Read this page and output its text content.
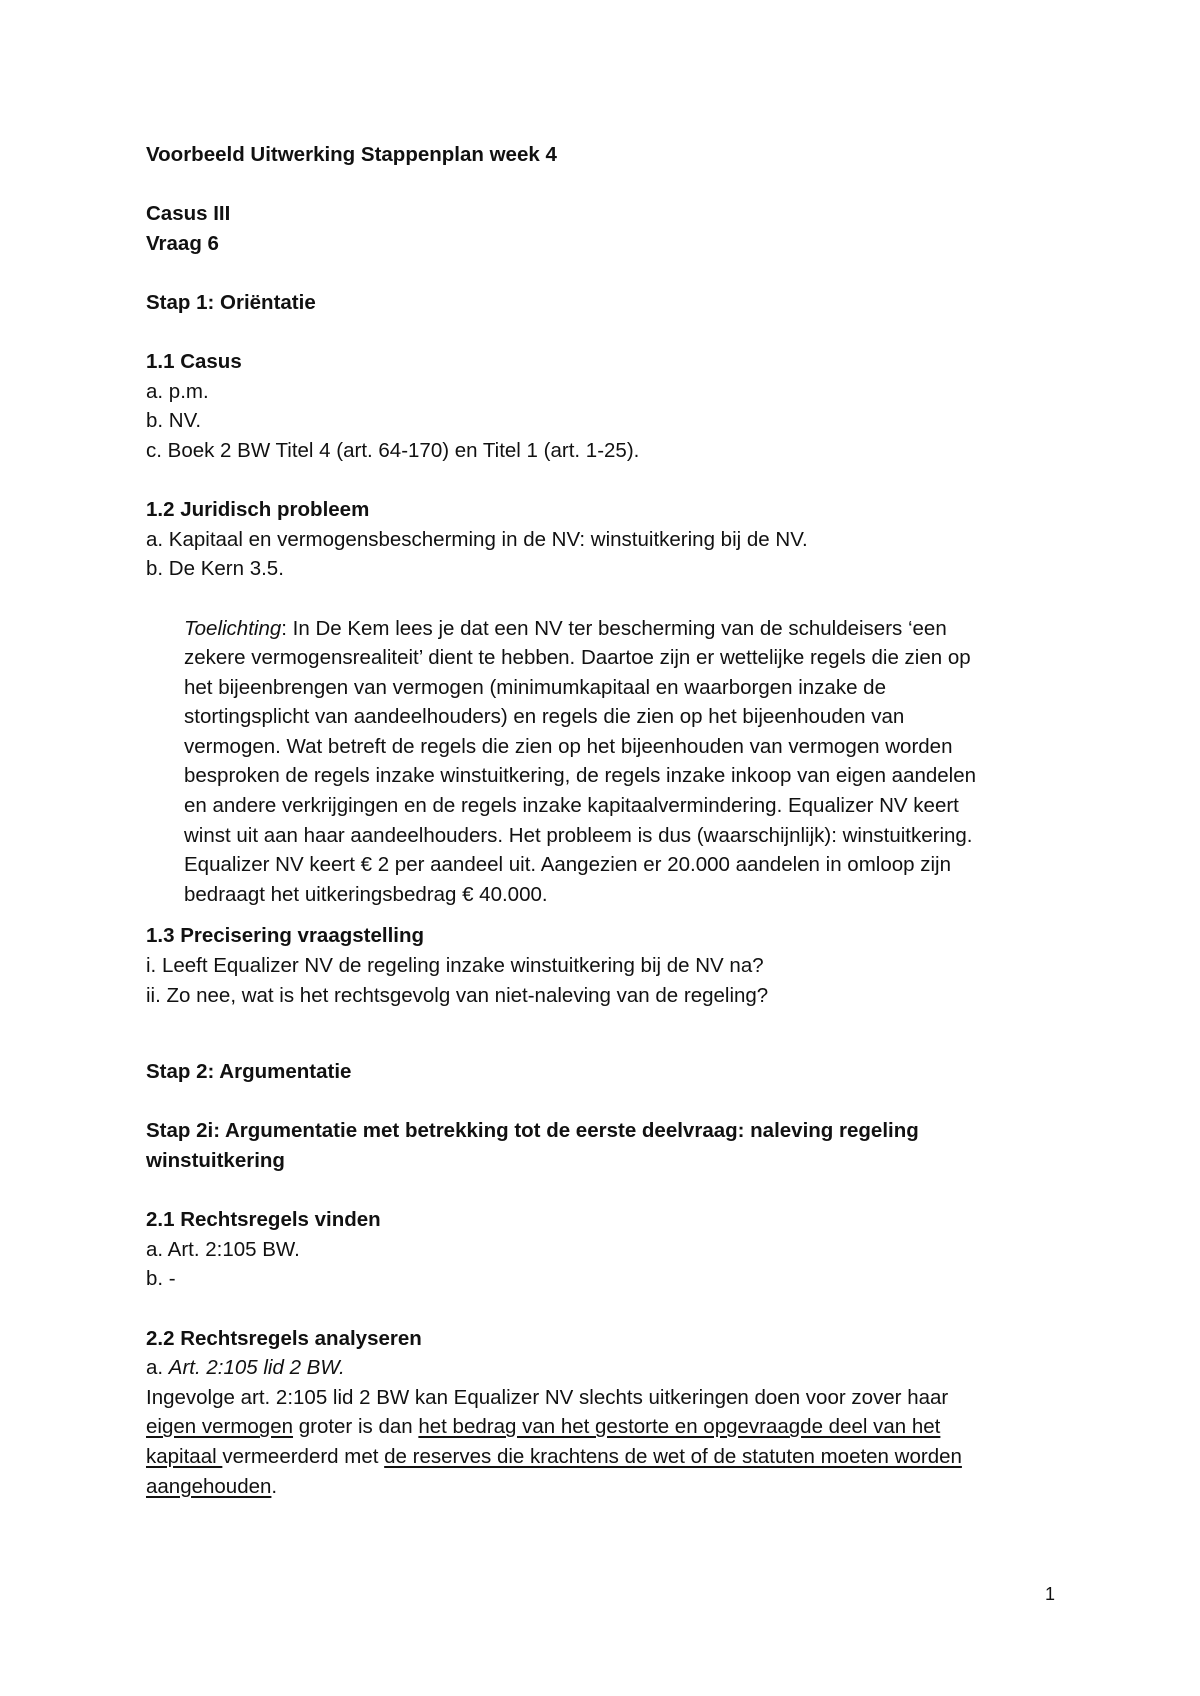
Voorbeeld Uitwerking Stappenplan week 4
Casus III
Vraag 6
Stap 1: Oriëntatie
1.1 Casus
a. p.m.
b. NV.
c. Boek 2 BW Titel 4 (art. 64-170) en Titel 1 (art. 1-25).
1.2 Juridisch probleem
a. Kapitaal en vermogensbescherming in de NV: winstuitkering bij de NV.
b. De Kern 3.5.
Toelichting: In De Kem lees je dat een NV ter bescherming van de schuldeisers ‘een
zekere vermogensrealiteit’ dient te hebben. Daartoe zijn er wettelijke regels die zien op
het bijeenbrengen van vermogen (minimumkapitaal en waarborgen inzake de
stortingsplicht van aandeelhouders) en regels die zien op het bijeenhouden van
vermogen. Wat betreft de regels die zien op het bijeenhouden van vermogen worden
besproken de regels inzake winstuitkering, de regels inzake inkoop van eigen aandelen
en andere verkrijgingen en de regels inzake kapitaalvermindering. Equalizer NV keert
winst uit aan haar aandeelhouders. Het probleem is dus (waarschijnlijk): winstuitkering.
Equalizer NV keert € 2 per aandeel uit. Aangezien er 20.000 aandelen in omloop zijn
bedraagt het uitkeringsbedrag € 40.000.
1.3 Precisering vraagstelling
i. Leeft Equalizer NV de regeling inzake winstuitkering bij de NV na?
ii. Zo nee, wat is het rechtsgevolg van niet-naleving van de regeling?
Stap 2: Argumentatie
Stap 2i: Argumentatie met betrekking tot de eerste deelvraag: naleving regeling
winstuitkering
2.1 Rechtsregels vinden
a. Art. 2:105 BW.
b. -
2.2 Rechtsregels analyseren
a. Art. 2:105 lid 2 BW.
Ingevolge art. 2:105 lid 2 BW kan Equalizer NV slechts uitkeringen doen voor zover haar
eigen vermogen groter is dan het bedrag van het gestorte en opgevraagde deel van het
kapitaal vermeerderd met de reserves die krachtens de wet of de statuten moeten worden
aangehouden.
1
